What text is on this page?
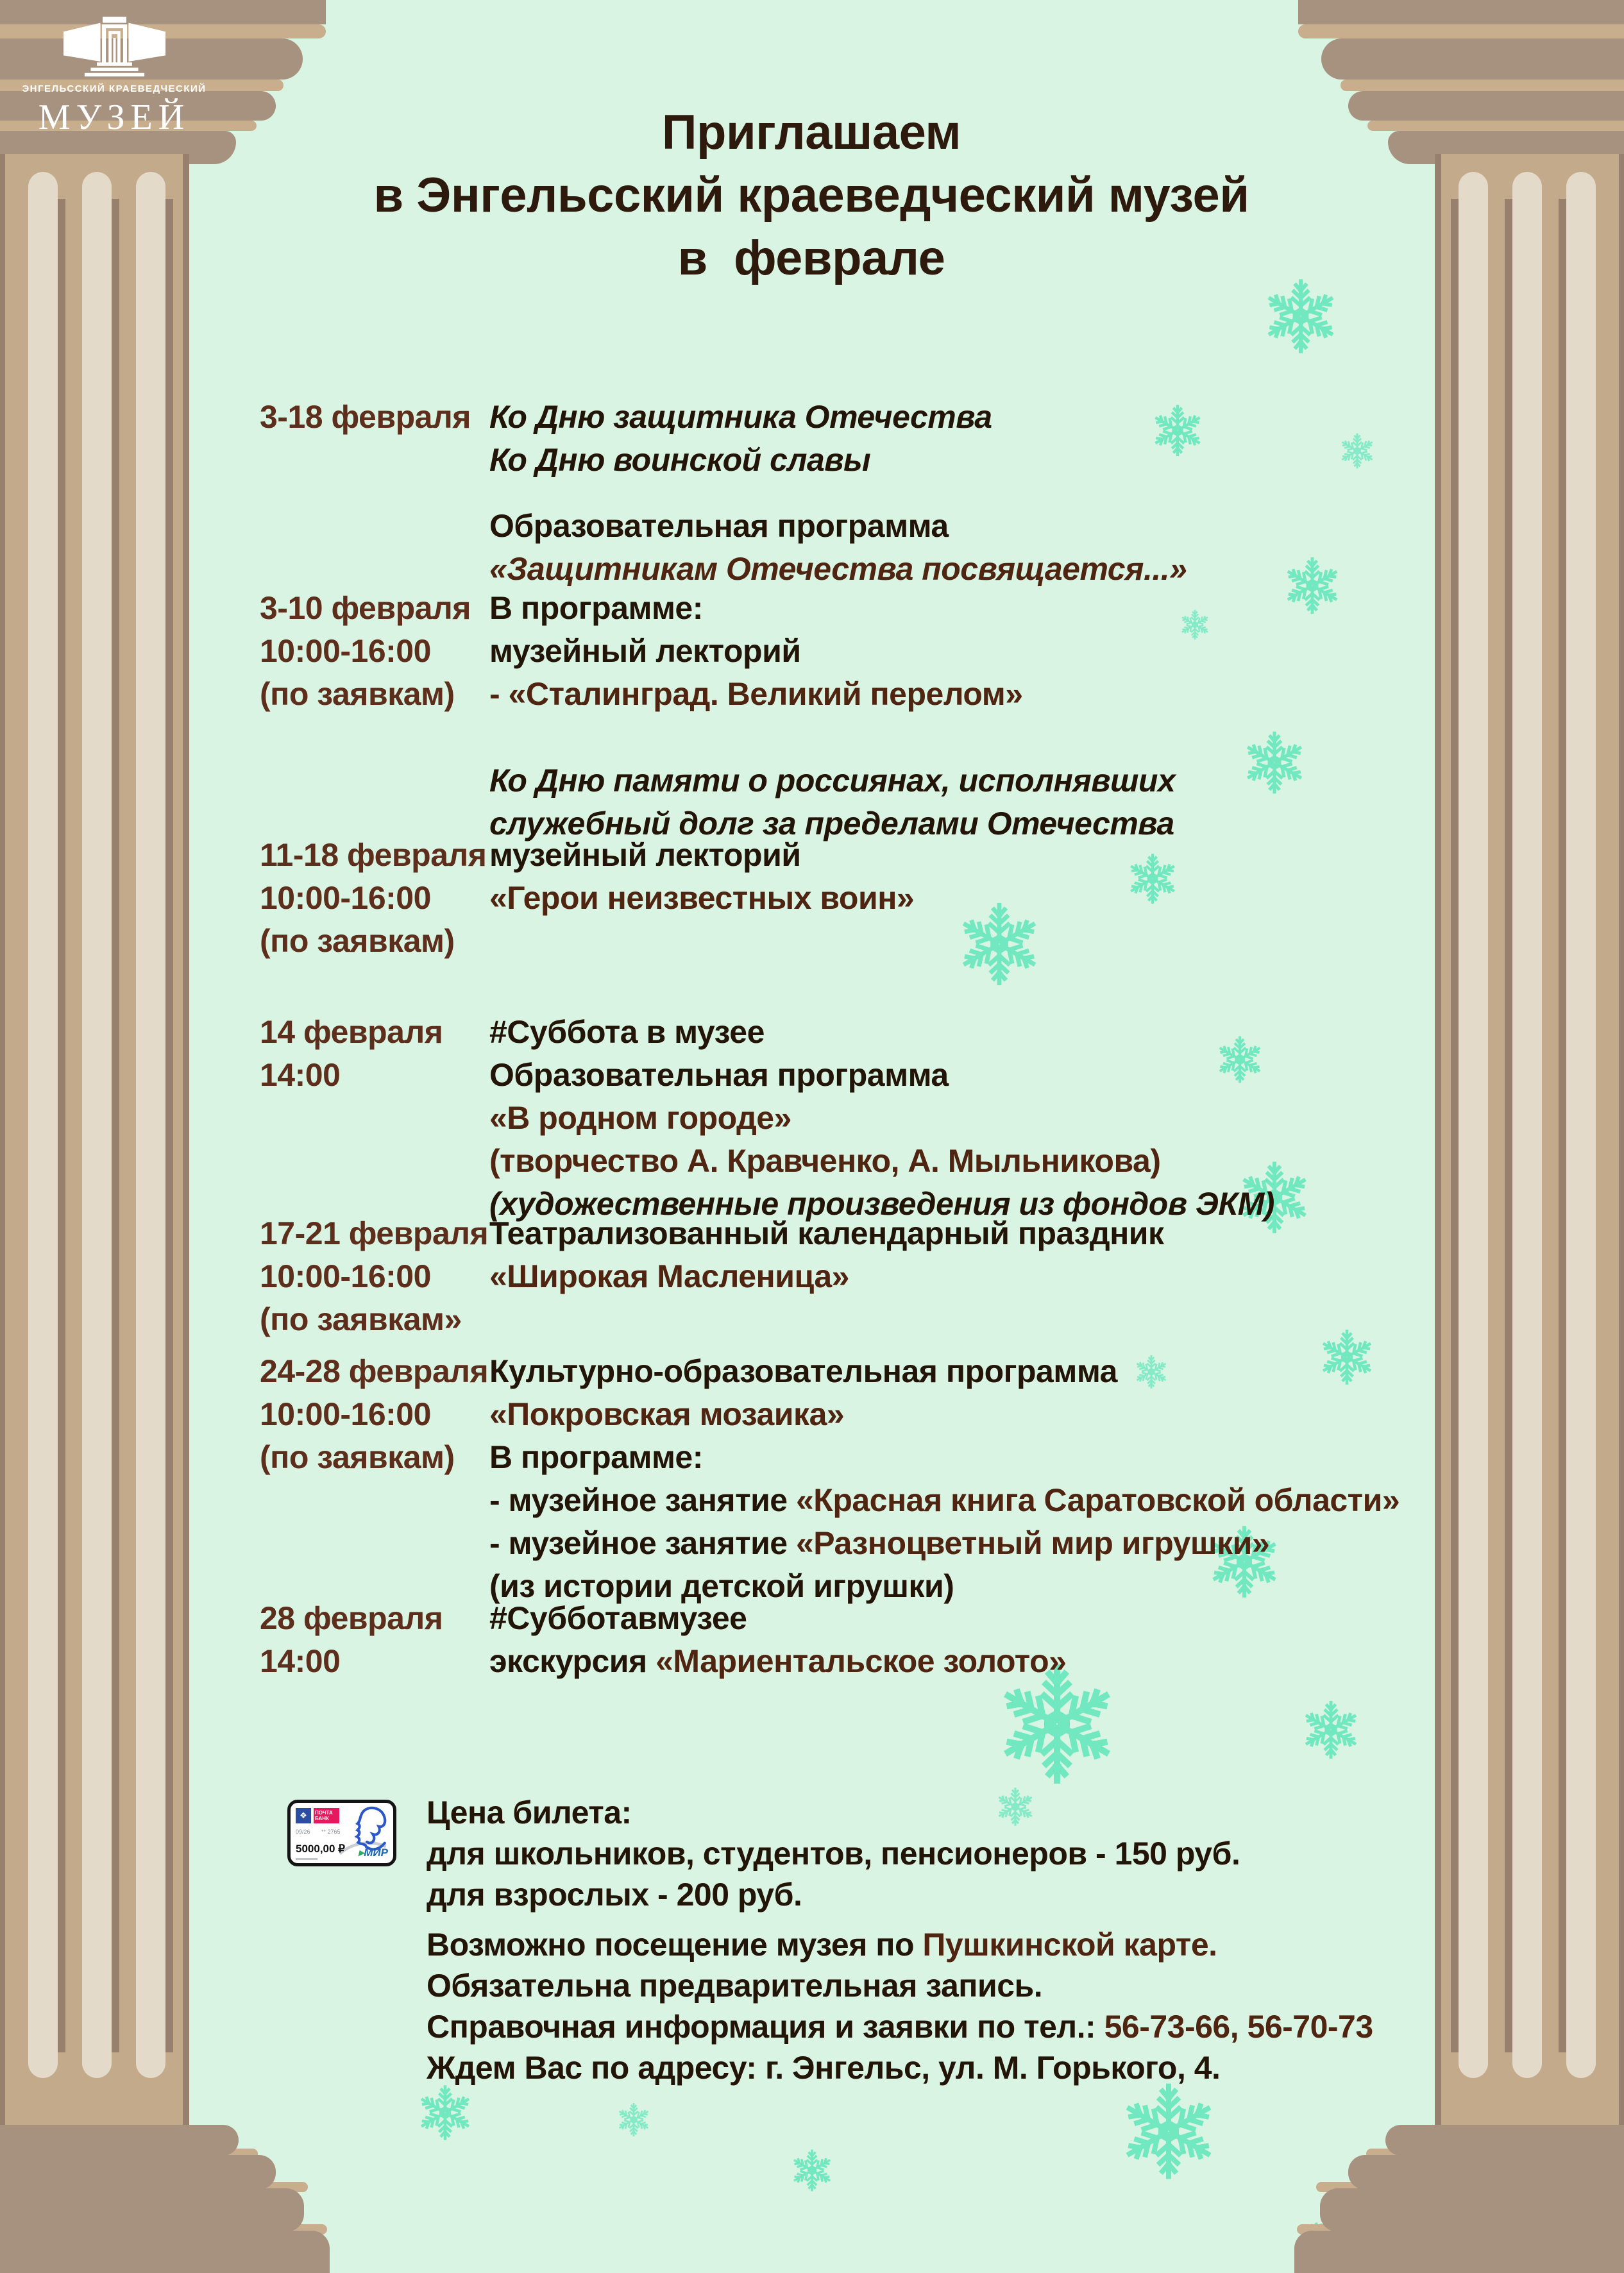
ЭНГЕЛЬССКИЙ КРАЕВЕДЧЕСКИЙ
МУЗЕЙ	Приглашаем
в Энгельсский краеведческий музей
в  феврале
3-18 февраля Ко Дню защитника Отечества
Ко Дню воинской славы
Образовательная программа
«Защитникам Отечества посвящается...»
3-10 февраля
10:00-16:00
(по заявкам)
В программе:
музейный лекторий
- «Сталинград. Великий перелом»
Ко Дню памяти о россиянах, исполнявших
служебный долг за пределами Отечества
11-18 февраля
10:00-16:00
(по заявкам)
музейный лекторий
«Герои неизвестных воин»
14 февраля
14:00
#Суббота в музее
Образовательная программа
«В родном городе»
(творчество А. Кравченко, А. Мыльникова)
(художественные произведения из фондов ЭКМ)
17-21 февраля
10:00-16:00
(по заявкам»
Театрализованный календарный праздник
«Широкая Масленица»
24-28 февраля
10:00-16:00
(по заявкам)
Культурно-образовательная программа
«Покровская мозаика»
В программе:
- музейное занятие «Красная книга Саратовской области»
- музейное занятие «Разноцветный мир игрушки»
(из истории детской игрушки)
28 февраля
14:00
#Субботавмузее
экскурсия «Мариентальское золото»
❖	ПОЧТА БАНК
09/26 ** 2765
5000,00 ₽ ▸МИР
Цена билета:
для школьников, студентов, пенсионеров - 150 руб.
для взрослых - 200 руб.
Возможно посещение музея по Пушкинской карте.
Обязательна предварительная запись.
Справочная информация и заявки по тел.: 56-73-66, 56-70-73
Ждем Вас по адресу: г. Энгельс, ул. М. Горького, 4.
